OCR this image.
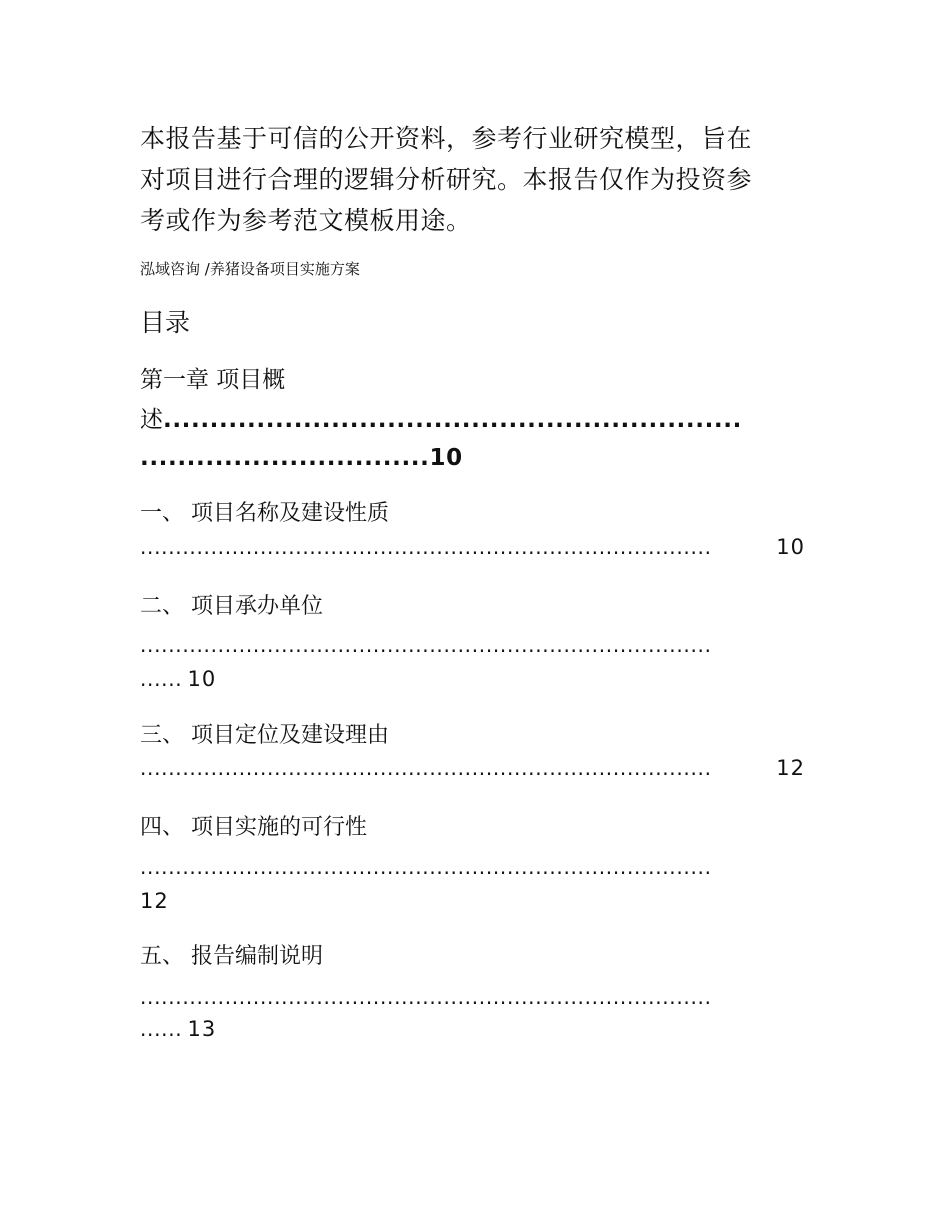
本报告基于可信的公开资料，参考行业研究模型，旨在
对项目进行合理的逻辑分析研究。本报告仅作为投资参
考或作为参考范文模板用途。
泓域咨询 /养猪设备项目实施方案
目录
第一章 项目概
述 ..............................................................
...............................10
一、 项目名称及建设性质
.................................................................................	10
二、 项目承办单位
.................................................................................
...... 10
三、 项目定位及建设理由
.................................................................................	12
四、 项目实施的可行性
.................................................................................
12
五、 报告编制说明
.................................................................................
...... 13
